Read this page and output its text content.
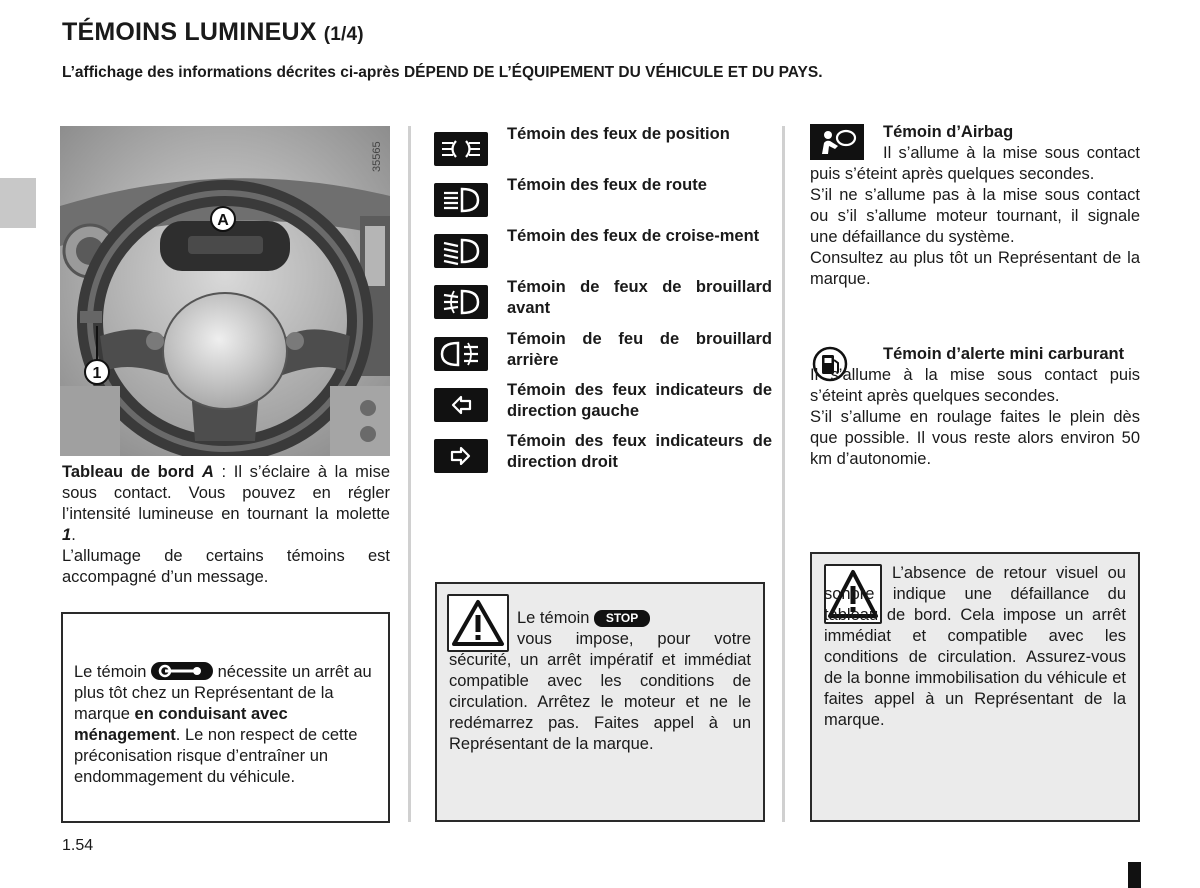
TÉMOINS LUMINEUX (1/4)
L’affichage des informations décrites ci-après DÉPEND DE L’ÉQUIPEMENT DU VÉHICULE ET DU PAYS.
A
1
35565

Tableau de bord A : Il s’éclaire à la mise sous contact. Vous pouvez en régler l’intensité lumineuse en tournant la molette 1.

L’allumage de certains témoins est accompagné d’un message.

Le témoin	nécessite un arrêt au plus tôt chez un Représentant de la marque en conduisant avec ménagement. Le non respect de cette préconisation risque d’entraîner un endommagement du véhicule.
Témoin des feux de position
Témoin des feux de route
Témoin des feux de croise-ment
Témoin de feux de brouillard avant
Témoin de feu de brouillard arrière
Témoin des feux indicateurs de direction gauche
Témoin des feux indicateurs de direction droit
Le témoin STOP
vous impose, pour votre sécurité, un arrêt impératif et immédiat compatible avec les conditions de circulation. Arrêtez le moteur et ne le redémarrez pas. Faites appel à un Représentant de la marque.
Témoin d’Airbag

Il s’allume à la mise sous contact puis s’éteint après quelques secondes.

S’il ne s’allume pas à la mise sous contact ou s’il s’allume moteur tournant, il signale une défaillance du système.

Consultez au plus tôt un Représentant de la marque.

Témoin d’alerte mini carburant

Il s’allume à la mise sous contact puis s’éteint après quelques secondes.

S’il s’allume en roulage faites le plein dès que possible. Il vous reste alors environ 50 km d’autonomie.

L’absence de retour visuel ou sonore indique une défaillance du tableau de bord. Cela impose un arrêt immédiat et compatible avec les conditions de circulation. Assurez-vous de la bonne immobilisation du véhicule et faites appel à un Représentant de la marque.
1.54
